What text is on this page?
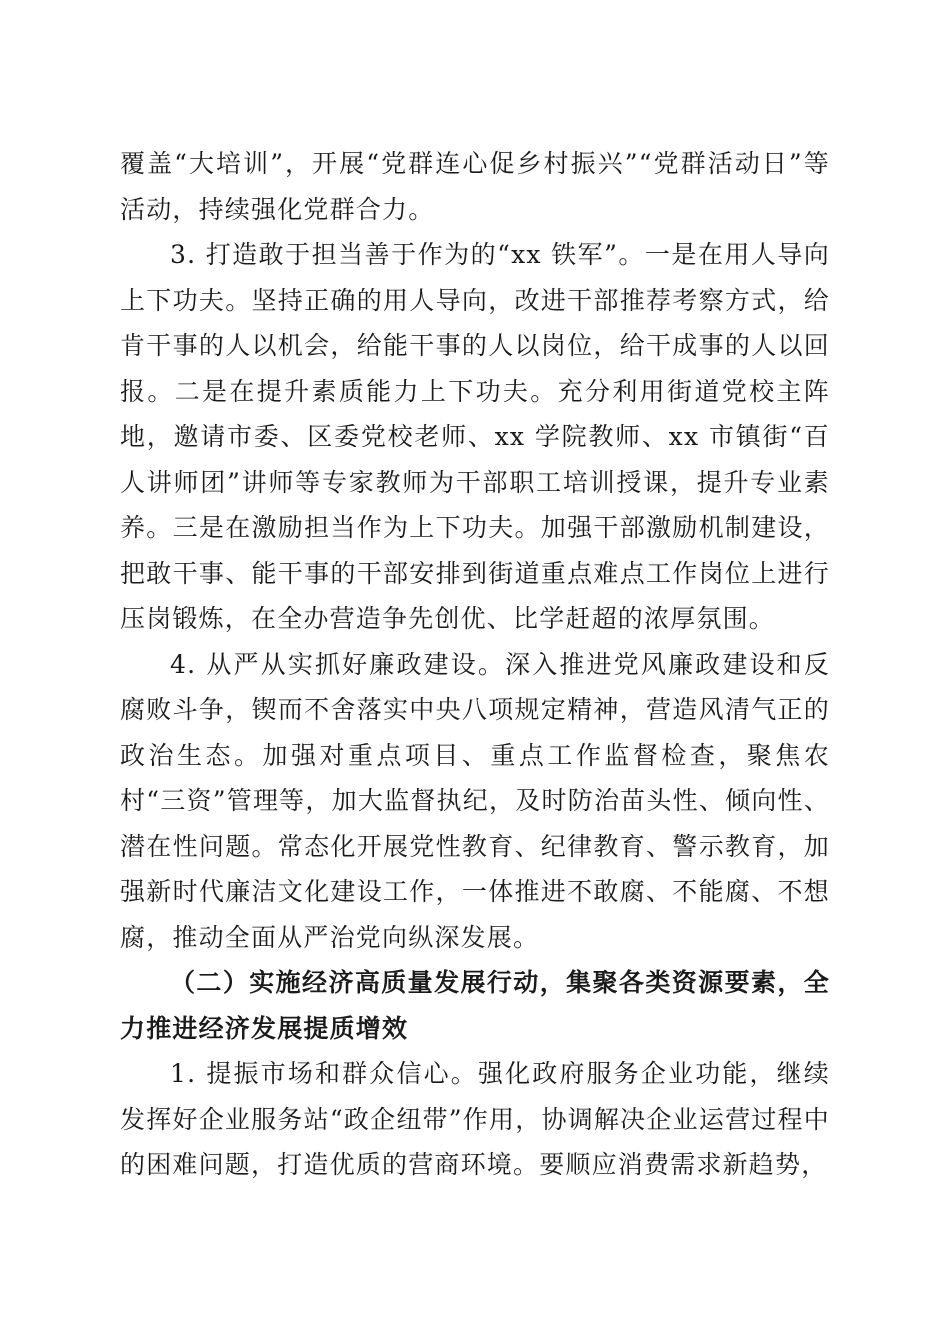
覆盖“大培训”，开展“党群连心促乡村振兴”“党群活动日”等活动，持续强化党群合力。

3. 打造敢于担当善于作为的“xx 铁军”。一是在用人导向上下功夫。坚持正确的用人导向，改进干部推荐考察方式，给肯干事的人以机会，给能干事的人以岗位，给干成事的人以回报。二是在提升素质能力上下功夫。充分利用街道党校主阵地，邀请市委、区委党校老师、xx 学院教师、xx 市镇街“百人讲师团”讲师等专家教师为干部职工培训授课，提升专业素养。三是在激励担当作为上下功夫。加强干部激励机制建设，把敢干事、能干事的干部安排到街道重点难点工作岗位上进行压岗锻炼，在全办营造争先创优、比学赶超的浓厚氛围。

4. 从严从实抓好廉政建设。深入推进党风廉政建设和反腐败斗争，锲而不舍落实中央八项规定精神，营造风清气正的政治生态。加强对重点项目、重点工作监督检查，聚焦农村“三资”管理等，加大监督执纪，及时防治苗头性、倾向性、潜在性问题。常态化开展党性教育、纪律教育、警示教育，加强新时代廉洁文化建设工作，一体推进不敢腐、不能腐、不想腐，推动全面从严治党向纵深发展。

（二）实施经济高质量发展行动，集聚各类资源要素，全力推进经济发展提质增效

1. 提振市场和群众信心。强化政府服务企业功能，继续发挥好企业服务站“政企纽带”作用，协调解决企业运营过程中的困难问题，打造优质的营商环境。要顺应消费需求新趋势，
